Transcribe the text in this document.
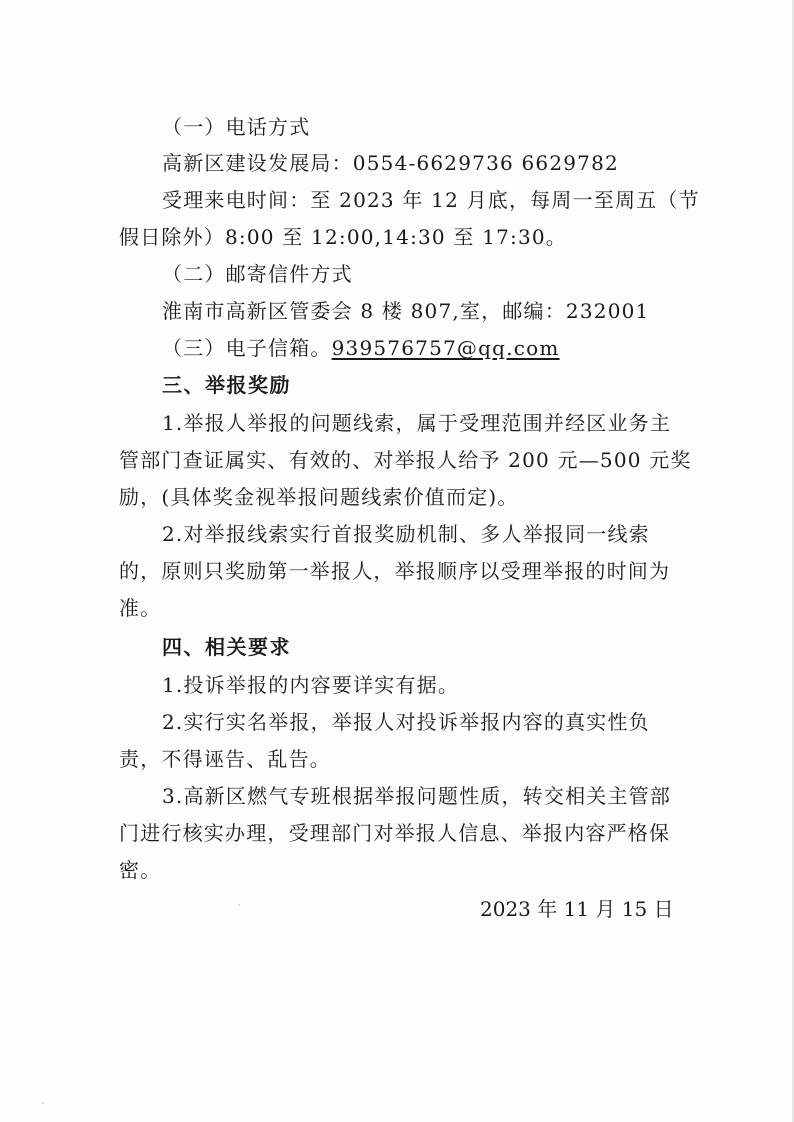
（一）电话方式
高新区建设发展局：0554-6629736 6629782
受理来电时间：至 2023 年 12 月底，每周一至周五（节
假日除外）8:00 至 12:00,14:30 至 17:30。
（二）邮寄信件方式
淮南市高新区管委会 8 楼 807,室，邮编：232001
（三）电子信箱。939576757@qq.com
三、举报奖励
1.举报人举报的问题线索，属于受理范围并经区业务主
管部门查证属实、有效的、对举报人给予 200 元—500 元奖
励，(具体奖金视举报问题线索价值而定)。
2.对举报线索实行首报奖励机制、多人举报同一线索
的，原则只奖励第一举报人，举报顺序以受理举报的时间为
准。
四、相关要求
1.投诉举报的内容要详实有据。
2.实行实名举报，举报人对投诉举报内容的真实性负
责，不得诬告、乱告。
3.高新区燃气专班根据举报问题性质，转交相关主管部
门进行核实办理，受理部门对举报人信息、举报内容严格保
密。
2023 年 11 月 15 日
